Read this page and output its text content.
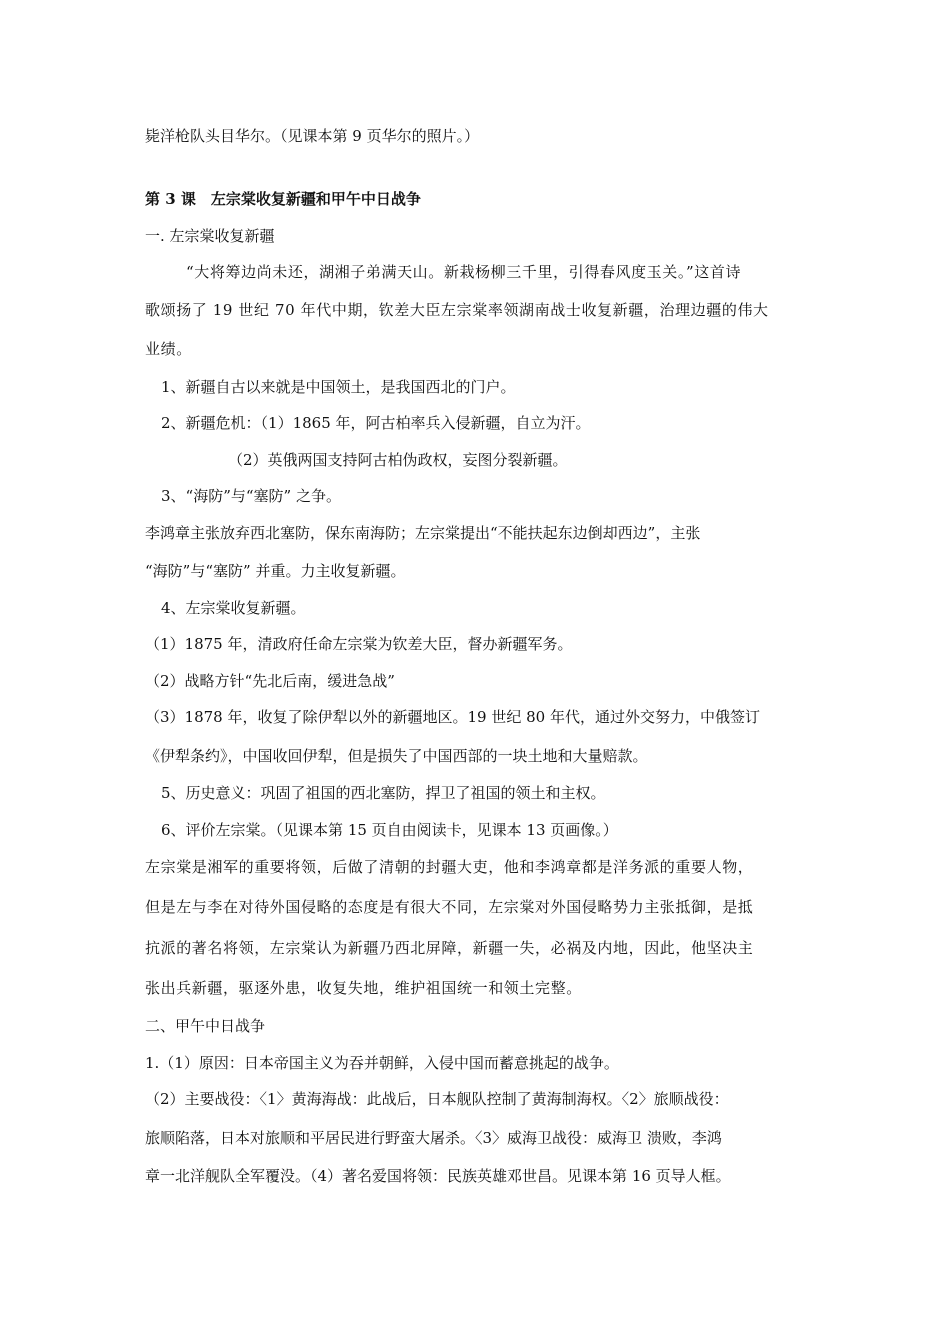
毙洋枪队头目华尔。（见课本第 9 页华尔的照片。）
第 3 课　左宗棠收复新疆和甲午中日战争
一. 左宗棠收复新疆
“大将筹边尚未还，湖湘子弟满天山。新栽杨柳三千里，引得春风度玉关。”这首诗
歌颂扬了 19 世纪 70 年代中期，钦差大臣左宗棠率领湖南战士收复新疆，治理边疆的伟大
业绩。
1、新疆自古以来就是中国领土，是我国西北的门户。
2、新疆危机：（1）1865 年，阿古柏率兵入侵新疆，自立为汗。
（2）英俄两国支持阿古柏伪政权，妄图分裂新疆。
3、“海防”与“塞防” 之争。
李鸿章主张放弃西北塞防，保东南海防；左宗棠提出“不能扶起东边倒却西边”，主张
“海防”与“塞防” 并重。力主收复新疆。
4、左宗棠收复新疆。
（1）1875 年，清政府任命左宗棠为钦差大臣，督办新疆军务。
（2）战略方针“先北后南，缓进急战”
（3）1878 年，收复了除伊犁以外的新疆地区。19 世纪 80 年代，通过外交努力，中俄签订
《伊犁条约》，中国收回伊犁，但是损失了中国西部的一块土地和大量赔款。
5、历史意义：巩固了祖国的西北塞防，捍卫了祖国的领土和主权。
6、评价左宗棠。（见课本第 15 页自由阅读卡，见课本 13 页画像。）
左宗棠是湘军的重要将领，后做了清朝的封疆大吏，他和李鸿章都是洋务派的重要人物，
但是左与李在对待外国侵略的态度是有很大不同，左宗棠对外国侵略势力主张抵御，是抵
抗派的著名将领，左宗棠认为新疆乃西北屏障，新疆一失，必祸及内地，因此，他坚决主
张出兵新疆，驱逐外患，收复失地，维护祖国统一和领土完整。
二、甲午中日战争
1.（1）原因：日本帝国主义为吞并朝鲜，入侵中国而蓄意挑起的战争。
（2）主要战役：〈1〉黄海海战：此战后，日本舰队控制了黄海制海权。〈2〉旅顺战役：
旅顺陷落，日本对旅顺和平居民进行野蛮大屠杀。〈3〉威海卫战役：威海卫 溃败，李鸿
章一北洋舰队全军覆没。（4）著名爱国将领：民族英雄邓世昌。见课本第 16 页导人框。
